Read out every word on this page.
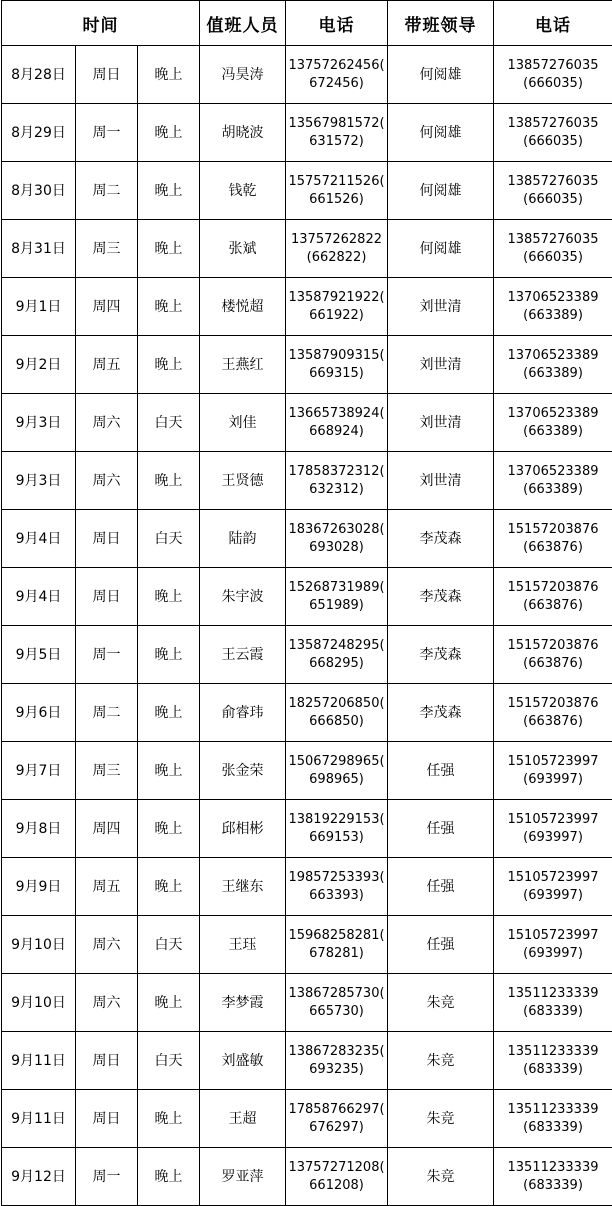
时间			值班人员	电话	带班领导	电话
8月28日	周日	晚上	冯昊涛	13757262456(
672456)	何阅雄	13857276035
(666035)

8月29日	周一	晚上	胡晓波	13567981572(
631572)	何阅雄	13857276035
(666035)

8月30日	周二	晚上	钱乾	15757211526(
661526)	何阅雄	13857276035
(666035)

8月31日	周三	晚上	张斌	13757262822
(662822)	何阅雄	13857276035
(666035)

9月1日	周四	晚上	楼悦超	13587921922(
661922)	刘世清	13706523389
(663389)

9月2日	周五	晚上	王燕红	13587909315(
669315)	刘世清	13706523389
(663389)

9月3日	周六	白天	刘佳	13665738924(
668924)	刘世清	13706523389
(663389)

9月3日	周六	晚上	王贤德	17858372312(
632312)	刘世清	13706523389
(663389)

9月4日	周日	白天	陆韵	18367263028(
693028)	李茂森	15157203876
(663876)

9月4日	周日	晚上	朱宇波	15268731989(
651989)	李茂森	15157203876
(663876)

9月5日	周一	晚上	王云霞	13587248295(
668295)	李茂森	15157203876
(663876)

9月6日	周二	晚上	俞睿玮	18257206850(
666850)	李茂森	15157203876
(663876)

9月7日	周三	晚上	张金荣	15067298965(
698965)	任强	15105723997
(693997)

9月8日	周四	晚上	邱相彬	13819229153(
669153)	任强	15105723997
(693997)

9月9日	周五	晚上	王继东	19857253393(
663393)	任强	15105723997
(693997)

9月10日	周六	白天	王珏	15968258281(
678281)	任强	15105723997
(693997)

9月10日	周六	晚上	李梦霞	13867285730(
665730)	朱竞	13511233339
(683339)

9月11日	周日	白天	刘盛敏	13867283235(
693235)	朱竞	13511233339
(683339)

9月11日	周日	晚上	王超	17858766297(
676297)	朱竞	13511233339
(683339)

9月12日	周一	晚上	罗亚萍	13757271208(
661208)	朱竞	13511233339
(683339)
